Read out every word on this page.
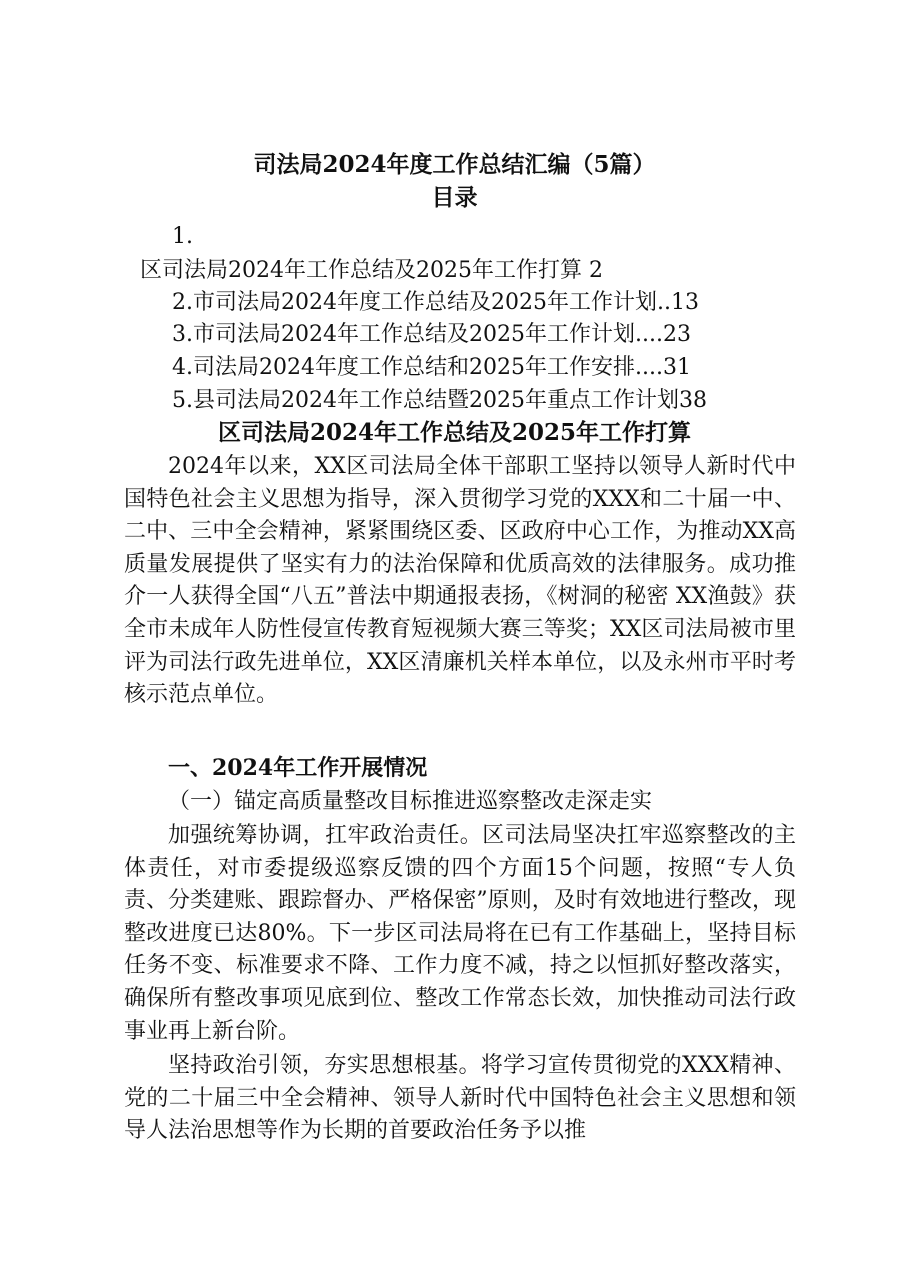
司法局2024年度工作总结汇编（5篇）
目录
1.
区司法局2024年工作总结及2025年工作打算 2
2.市司法局2024年度工作总结及2025年工作计划..13
3.市司法局2024年工作总结及2025年工作计划....23
4.司法局2024年度工作总结和2025年工作安排....31
5.县司法局2024年工作总结暨2025年重点工作计划38
区司法局2024年工作总结及2025年工作打算

2024年以来，XX区司法局全体干部职工坚持以领导人新时代中国特色社会主义思想为指导，深入贯彻学习党的XXX和二十届一中、二中、三中全会精神，紧紧围绕区委、区政府中心工作，为推动XX高质量发展提供了坚实有力的法治保障和优质高效的法律服务。成功推介一人获得全国“八五”普法中期通报表扬，《树洞的秘密 XX渔鼓》获全市未成年人防性侵宣传教育短视频大赛三等奖；XX区司法局被市里评为司法行政先进单位，XX区清廉机关样本单位，以及永州市平时考核示范点单位。

一、2024年工作开展情况
（一）锚定高质量整改目标推进巡察整改走深走实

加强统筹协调，扛牢政治责任。区司法局坚决扛牢巡察整改的主体责任，对市委提级巡察反馈的四个方面15个问题，按照“专人负责、分类建账、跟踪督办、严格保密”原则，及时有效地进行整改，现整改进度已达80%。下一步区司法局将在已有工作基础上，坚持目标任务不变、标准要求不降、工作力度不减，持之以恒抓好整改落实，确保所有整改事项见底到位、整改工作常态长效，加快推动司法行政事业再上新台阶。

坚持政治引领，夯实思想根基。将学习宣传贯彻党的XXX精神、党的二十届三中全会精神、领导人新时代中国特色社会主义思想和领导人法治思想等作为长期的首要政治任务予以推
